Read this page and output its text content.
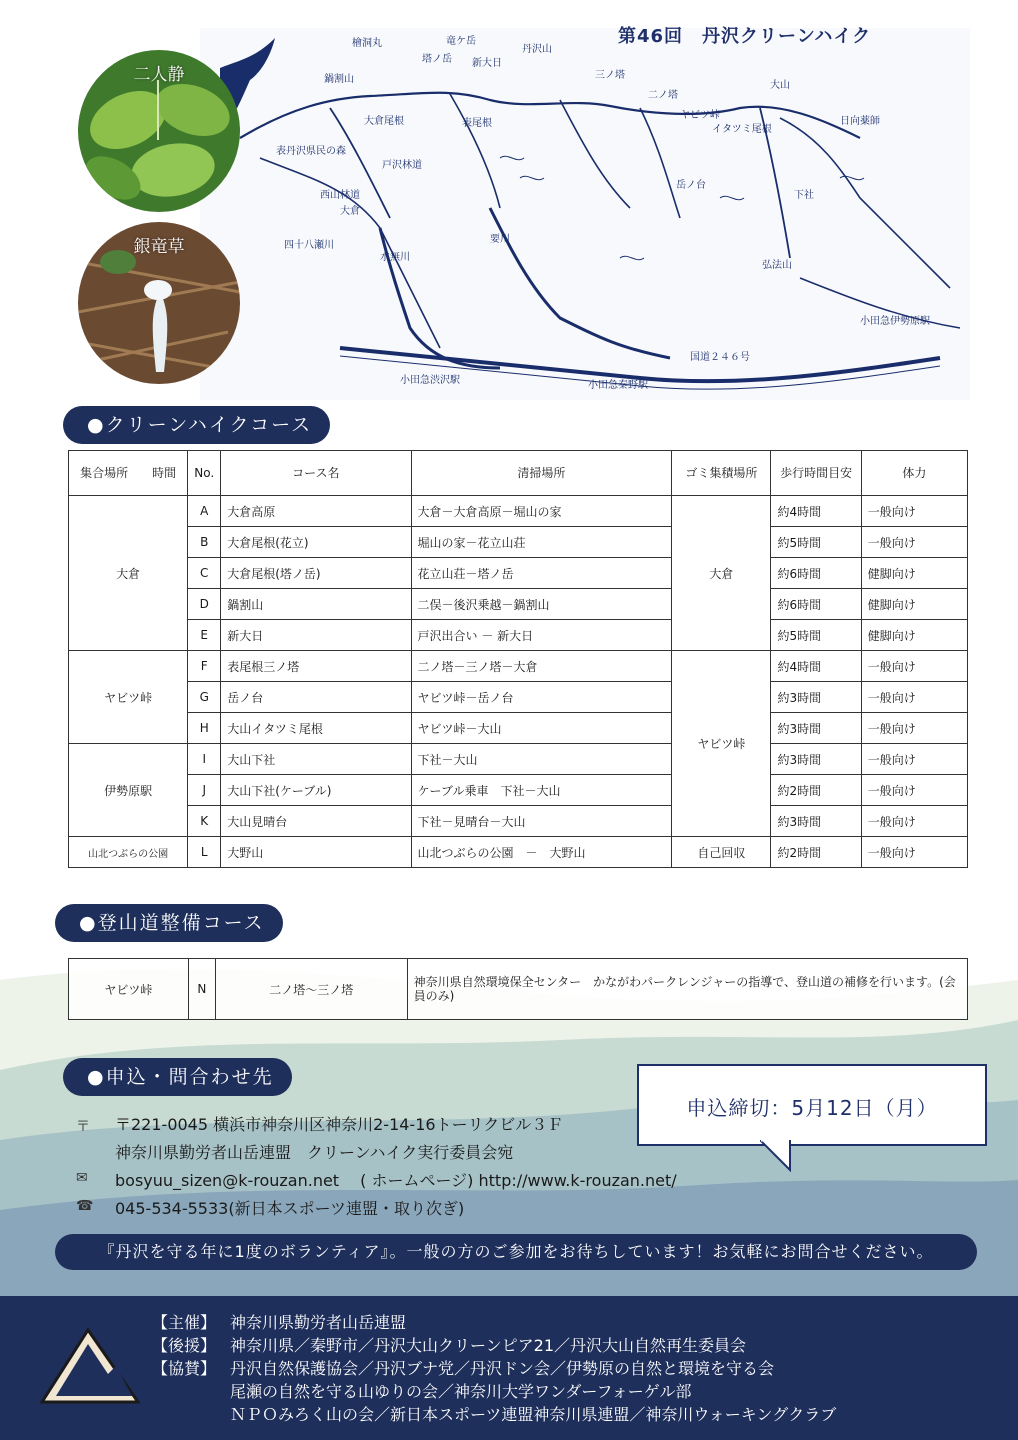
第46回　丹沢クリーンハイク
二人静
銀竜草
檜洞丸	竜ケ岳
塔ノ岳 新大日
丹沢山
三ノ塔
二ノ塔
ヤビツ峠
大山
日向薬師
鍋割山
大倉尾根	表尾根
イタツミ尾根
表丹沢県民の森
戸沢林道
西山林道
大倉
四十八瀬川
水無川
要川
岳ノ台
下社
弘法山
小田急伊勢原駅
小田急渋沢駅	小田急秦野駅
国道２４６号
●クリーンハイクコース
集合場所　　時間	No.	コース名	清掃場所	ゴミ集積場所	歩行時間目安	体力
大倉	A	大倉高原	大倉－大倉高原－堀山の家	大倉	約4時間	一般向け
	B	大倉尾根(花立)	堀山の家－花立山荘		約5時間	一般向け
	C	大倉尾根(塔ノ岳)	花立山荘－塔ノ岳		約6時間	健脚向け
	D	鍋割山	二俣－後沢乗越－鍋割山		約6時間	健脚向け
	E	新大日	戸沢出合い － 新大日		約5時間	健脚向け
ヤビツ峠	F	表尾根三ノ塔	二ノ塔－三ノ塔－大倉	ヤビツ峠	約4時間	一般向け
	G	岳ノ台	ヤビツ峠－岳ノ台		約3時間	一般向け
	H	大山イタツミ尾根	ヤビツ峠－大山		約3時間	一般向け
伊勢原駅	I	大山下社	下社－大山		約3時間	一般向け
	J	大山下社(ケーブル)	ケーブル乗車　下社－大山		約2時間	一般向け
	K	大山見晴台	下社－見晴台－大山		約3時間	一般向け
山北つぶらの公園	L	大野山	山北つぶらの公園　－　大野山	自己回収	約2時間	一般向け
●登山道整備コース
ヤビツ峠	N	二ノ塔～三ノ塔	神奈川県自然環境保全センター　かながわパークレンジャーの指導で、登山道の補修を行います。(会員のみ)
●申込・問合わせ先
〒 〒221-0045 横浜市神奈川区神奈川2-14-16トーリクビル３Ｆ
神奈川県勤労者山岳連盟　クリーンハイク実行委員会宛
✉ bosyuu_sizen@k-rouzan.net　 ( ホームページ) http://www.k-rouzan.net/
☎ 045-534-5533(新日本スポーツ連盟・取り次ぎ)
申込締切：5月12日（月）
『丹沢を守る年に1度のボランティア』。一般の方のご参加をお待ちしています！お気軽にお問合せください。
【主催】 神奈川県勤労者山岳連盟
【後援】 神奈川県／秦野市／丹沢大山クリーンピア21／丹沢大山自然再生委員会
【協賛】 丹沢自然保護協会／丹沢ブナ党／丹沢ドン会／伊勢原の自然と環境を守る会
尾瀬の自然を守る山ゆりの会／神奈川大学ワンダーフォーゲル部
ＮＰＯみろく山の会／新日本スポーツ連盟神奈川県連盟／神奈川ウォーキングクラブ
